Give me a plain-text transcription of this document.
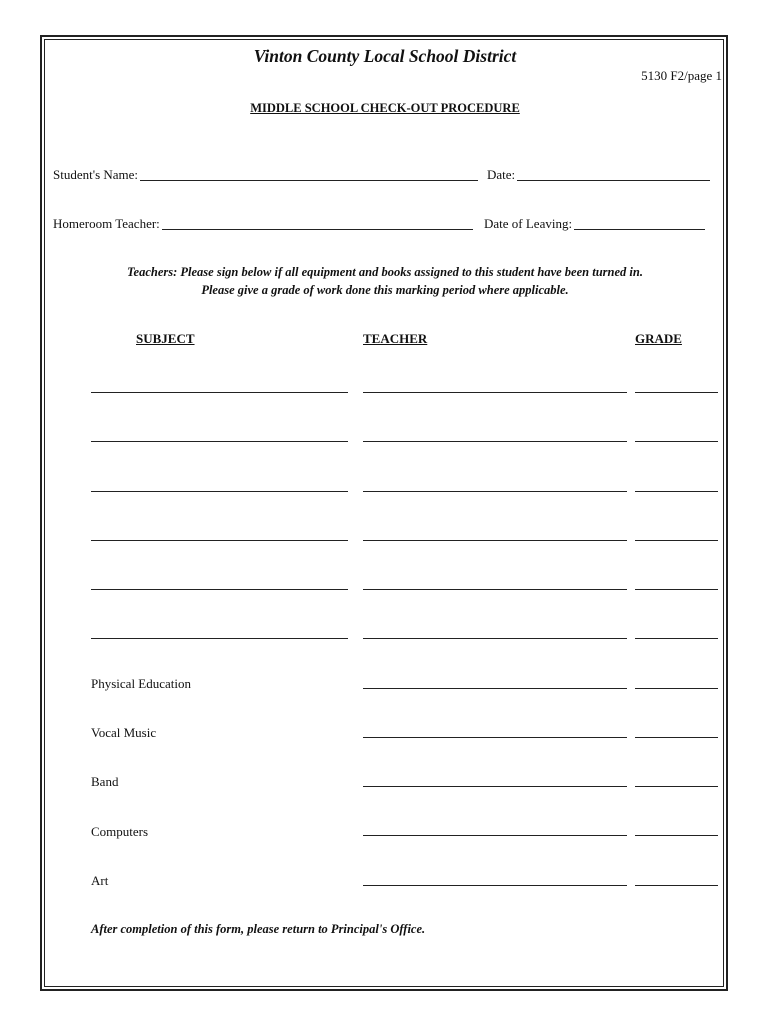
Vinton County Local School District
5130 F2/page 1
MIDDLE SCHOOL CHECK-OUT PROCEDURE
Student's Name:	Date:
Homeroom Teacher:	Date of Leaving:
Teachers: Please sign below if all equipment and books assigned to this student have been turned in.
Please give a grade of work done this marking period where applicable.
SUBJECT	TEACHER	GRADE
Physical Education
Vocal Music
Band
Computers
Art
After completion of this form, please return to Principal's Office.
